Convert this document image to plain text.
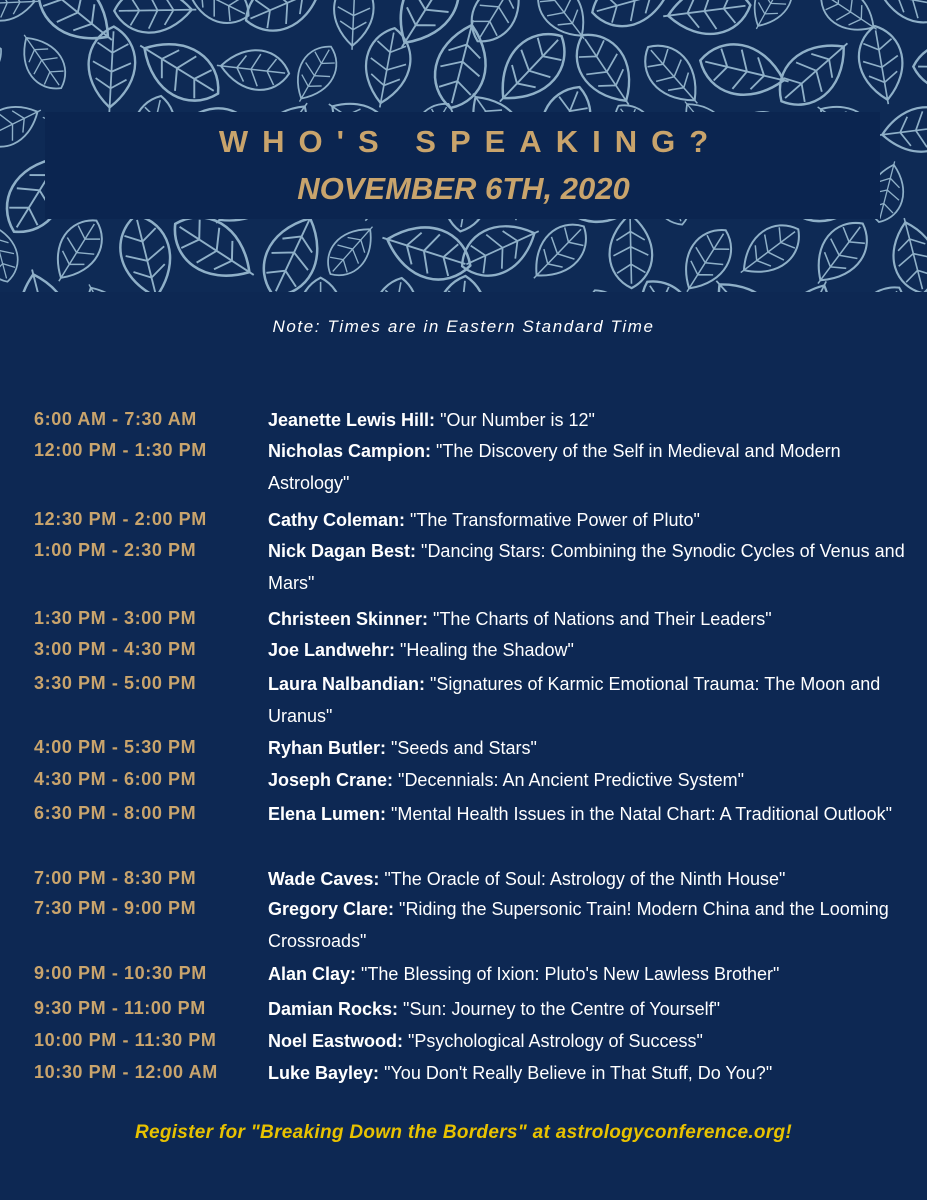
WHO'S SPEAKING?
NOVEMBER 6TH, 2020
Note: Times are in Eastern Standard Time
6:00 AM - 7:30 AM	Jeanette Lewis Hill: "Our Number is 12"
12:00 PM - 1:30 PM	Nicholas Campion: "The Discovery of the Self in Medieval and Modern Astrology"
12:30 PM - 2:00 PM	Cathy Coleman: "The Transformative Power of Pluto"
1:00 PM - 2:30 PM	Nick Dagan Best: "Dancing Stars: Combining the Synodic Cycles of Venus and Mars"
1:30 PM - 3:00 PM	Christeen Skinner: "The Charts of Nations and Their Leaders"
3:00 PM - 4:30 PM	Joe Landwehr: "Healing the Shadow"
3:30 PM - 5:00 PM	Laura Nalbandian: "Signatures of Karmic Emotional Trauma: The Moon and Uranus"
4:00 PM - 5:30 PM	Ryhan Butler: "Seeds and Stars"
4:30 PM - 6:00 PM	Joseph Crane: "Decennials: An Ancient Predictive System"
6:30 PM - 8:00 PM	Elena Lumen: "Mental Health Issues in the Natal Chart: A Traditional Outlook"
7:00 PM - 8:30 PM	Wade Caves: "The Oracle of Soul: Astrology of the Ninth House"
7:30 PM - 9:00 PM	Gregory Clare: "Riding the Supersonic Train! Modern China and the Looming Crossroads"
9:00 PM - 10:30 PM	Alan Clay: "The Blessing of Ixion: Pluto's New Lawless Brother"
9:30 PM - 11:00 PM	Damian Rocks: "Sun: Journey to the Centre of Yourself"
10:00 PM - 11:30 PM	Noel Eastwood: "Psychological Astrology of Success"
10:30 PM - 12:00 AM	Luke Bayley: "You Don't Really Believe in That Stuff, Do You?"
Register for "Breaking Down the Borders" at astrologyconference.org!
